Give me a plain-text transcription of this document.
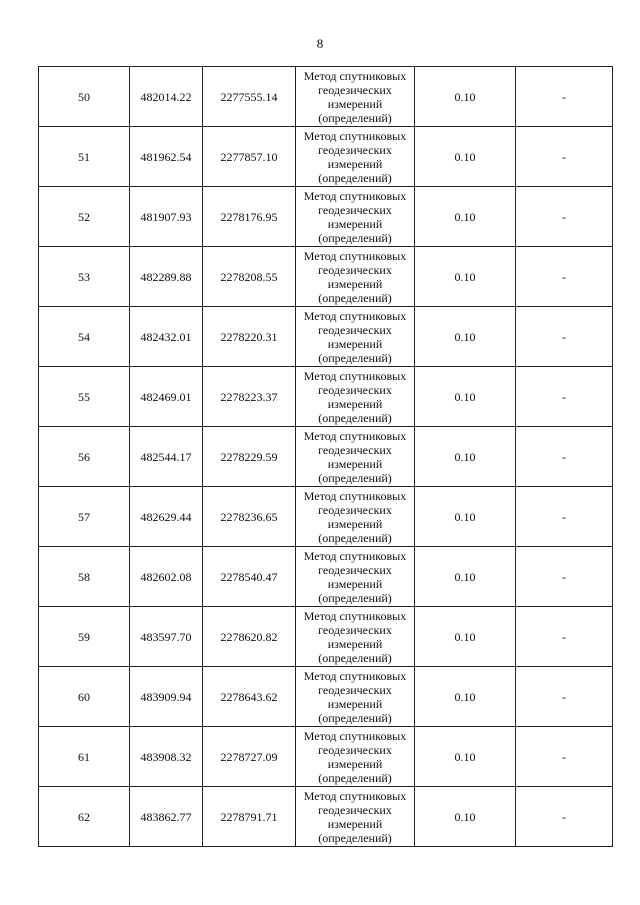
8
50	482014.22	2277555.14	Метод спутниковых
геодезических
измерений
(определений)	0.10	-
51	481962.54	2277857.10	Метод спутниковых
геодезических
измерений
(определений)	0.10	-
52	481907.93	2278176.95	Метод спутниковых
геодезических
измерений
(определений)	0.10	-
53	482289.88	2278208.55	Метод спутниковых
геодезических
измерений
(определений)	0.10	-
54	482432.01	2278220.31	Метод спутниковых
геодезических
измерений
(определений)	0.10	-
55	482469.01	2278223.37	Метод спутниковых
геодезических
измерений
(определений)	0.10	-
56	482544.17	2278229.59	Метод спутниковых
геодезических
измерений
(определений)	0.10	-
57	482629.44	2278236.65	Метод спутниковых
геодезических
измерений
(определений)	0.10	-
58	482602.08	2278540.47	Метод спутниковых
геодезических
измерений
(определений)	0.10	-
59	483597.70	2278620.82	Метод спутниковых
геодезических
измерений
(определений)	0.10	-
60	483909.94	2278643.62	Метод спутниковых
геодезических
измерений
(определений)	0.10	-
61	483908.32	2278727.09	Метод спутниковых
геодезических
измерений
(определений)	0.10	-
62	483862.77	2278791.71	Метод спутниковых
геодезических
измерений
(определений)	0.10	-
